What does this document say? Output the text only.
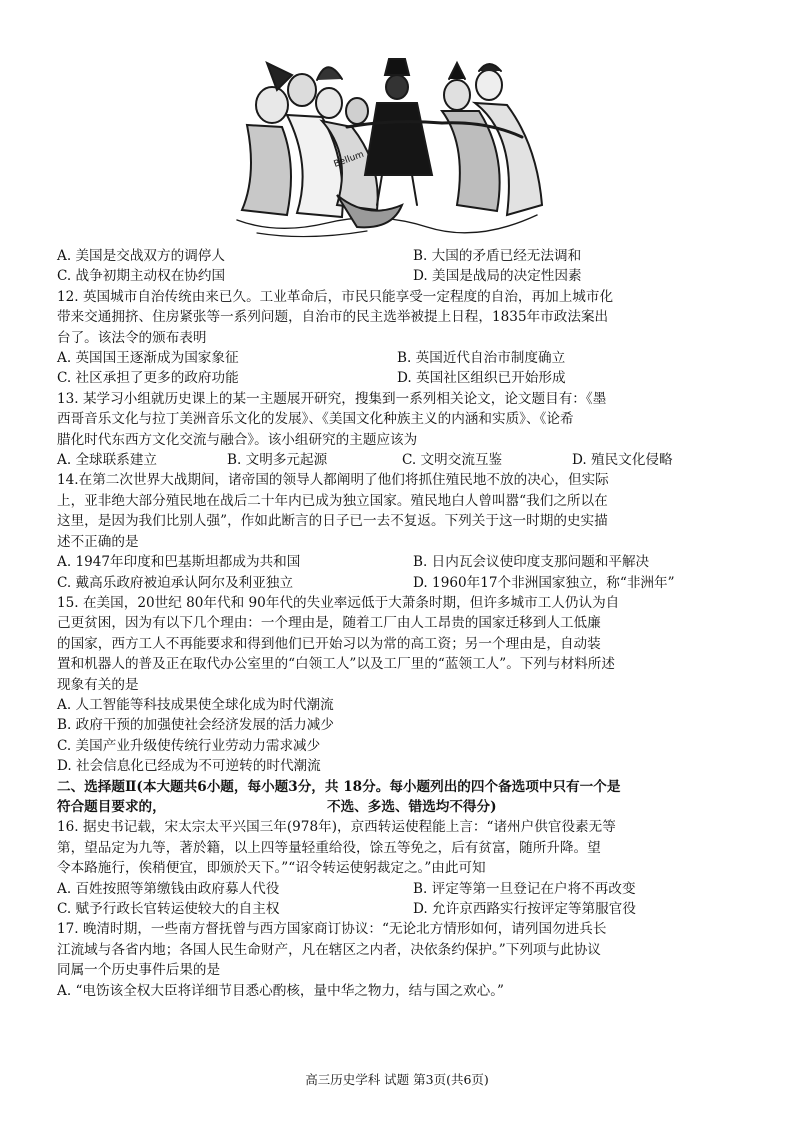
Bellum
A. 美国是交战双方的调停人	B. 大国的矛盾已经无法调和
C. 战争初期主动权在协约国	D. 美国是战局的决定性因素

12. 英国城市自治传统由来已久。工业革命后，市民只能享受一定程度的自治，再加上城市化

带来交通拥挤、住房紧张等一系列问题，自治市的民主选举被提上日程，1835年市政法案出

台了。该法令的颁布表明

A. 英国国王逐渐成为国家象征	B. 英国近代自治市制度确立
C. 社区承担了更多的政府功能	D. 英国社区组织已开始形成

13. 某学习小组就历史课上的某一主题展开研究，搜集到一系列相关论文，论文题目有：《墨

西哥音乐文化与拉丁美洲音乐文化的发展》、《美国文化种族主义的内涵和实质》、《论希

腊化时代东西方文化交流与融合》。该小组研究的主题应该为

A. 全球联系建立	B. 文明多元起源	C. 文明交流互鉴	D. 殖民文化侵略

14.在第二次世界大战期间，诸帝国的领导人都阐明了他们将抓住殖民地不放的决心，但实际

上，亚非绝大部分殖民地在战后二十年内已成为独立国家。殖民地白人曾叫嚣“我们之所以在

这里，是因为我们比别人强”，作如此断言的日子已一去不复返。下列关于这一时期的史实描

述不正确的是

A. 1947年印度和巴基斯坦都成为共和国	B. 日内瓦会议使印度支那问题和平解决
C. 戴高乐政府被迫承认阿尔及利亚独立	D. 1960年17个非洲国家独立，称“非洲年”

15. 在美国，20世纪 80年代和 90年代的失业率远低于大萧条时期，但许多城市工人仍认为自

己更贫困，因为有以下几个理由：一个理由是，随着工厂由人工昂贵的国家迁移到人工低廉

的国家，西方工人不再能要求和得到他们已开始习以为常的高工资；另一个理由是，自动装

置和机器人的普及正在取代办公室里的“白领工人”以及工厂里的“蓝领工人”。下列与材料所述

现象有关的是

A. 人工智能等科技成果使全球化成为时代潮流

B. 政府干预的加强使社会经济发展的活力减少

C. 美国产业升级使传统行业劳动力需求减少

D. 社会信息化已经成为不可逆转的时代潮流

二、选择题Ⅱ(本大题共6小题，每小题3分，共 18分。每小题列出的四个备选项中只有一个是

符合题目要求的，	不选、多选、错选均不得分)

16. 据史书记载，宋太宗太平兴国三年(978年)，京西转运使程能上言：“诸州户供官役素无等

第，望品定为九等，著於籍，以上四等量轻重给役，馀五等免之，后有贫富，随所升降。望

令本路施行，俟稍便宜，即颁於天下。”“诏令转运使躬裁定之。”由此可知

A. 百姓按照等第缴钱由政府募人代役	B. 评定等第一旦登记在户将不再改变
C. 赋予行政长官转运使较大的自主权	D. 允许京西路实行按评定等第服官役

17. 晚清时期，一些南方督抚曾与西方国家商订协议：“无论北方情形如何，请列国勿进兵长

江流域与各省内地；各国人民生命财产，凡在辖区之内者，决依条约保护。”下列项与此协议

同属一个历史事件后果的是

A. “电饬该全权大臣将详细节目悉心酌核，量中华之物力，结与国之欢心。”

高三历史学科 试题 第3页(共6页)
